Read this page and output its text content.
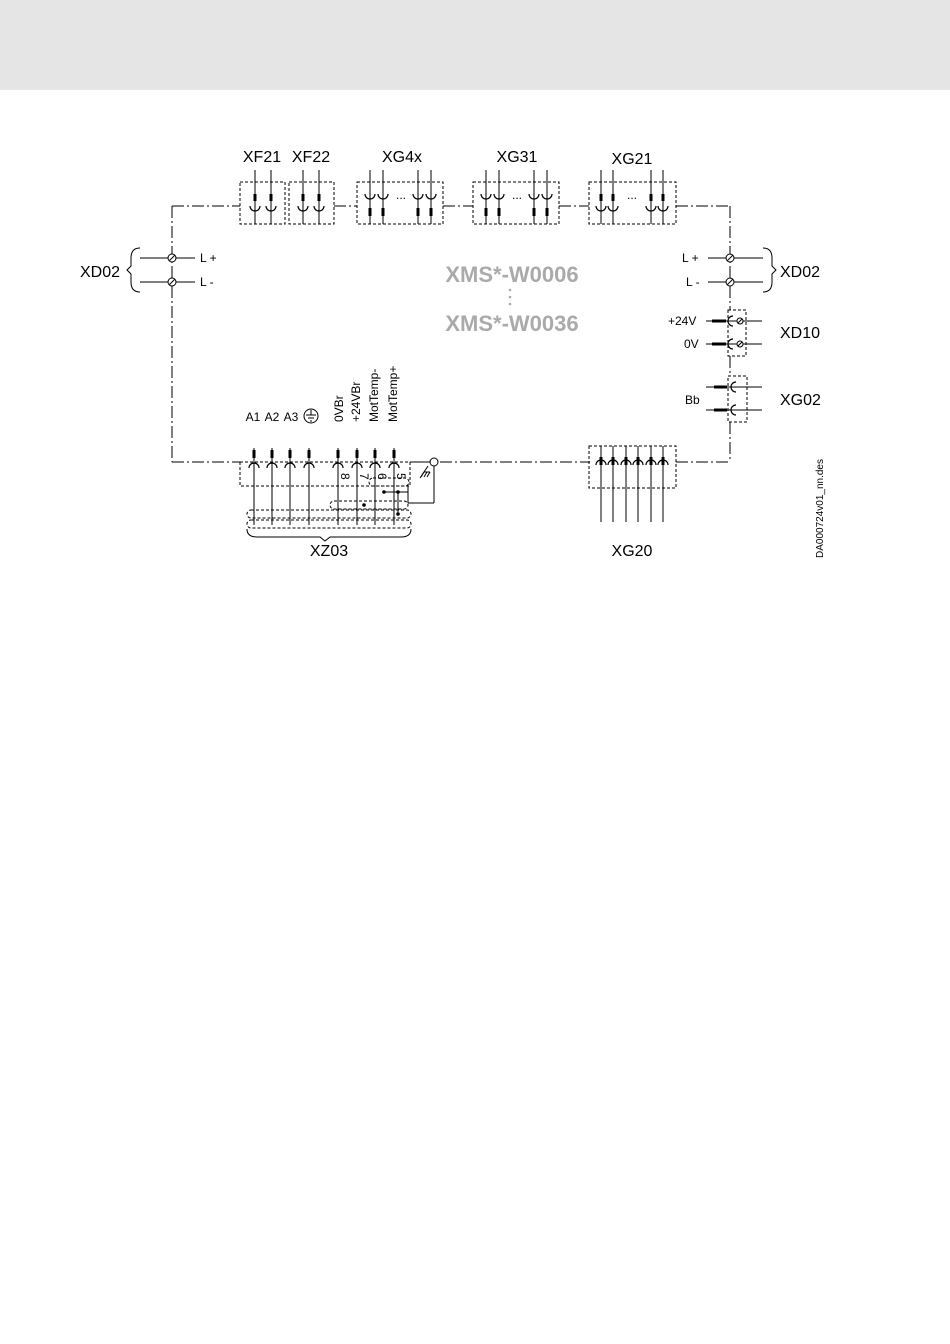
XMS*-W0006
XMS*-W0036
XF21 XF22	XG4x
...
XG31
...
XG21
...
XD02
L +
L -
L +
L -
XD02
+24V
0V
XD10
Bb	XG02
A1 A2 A3	0VBr +24VBr MotTemp- MotTemp+
8 7 6 5
XZ03	XG20	DA000724v01_nn.des
